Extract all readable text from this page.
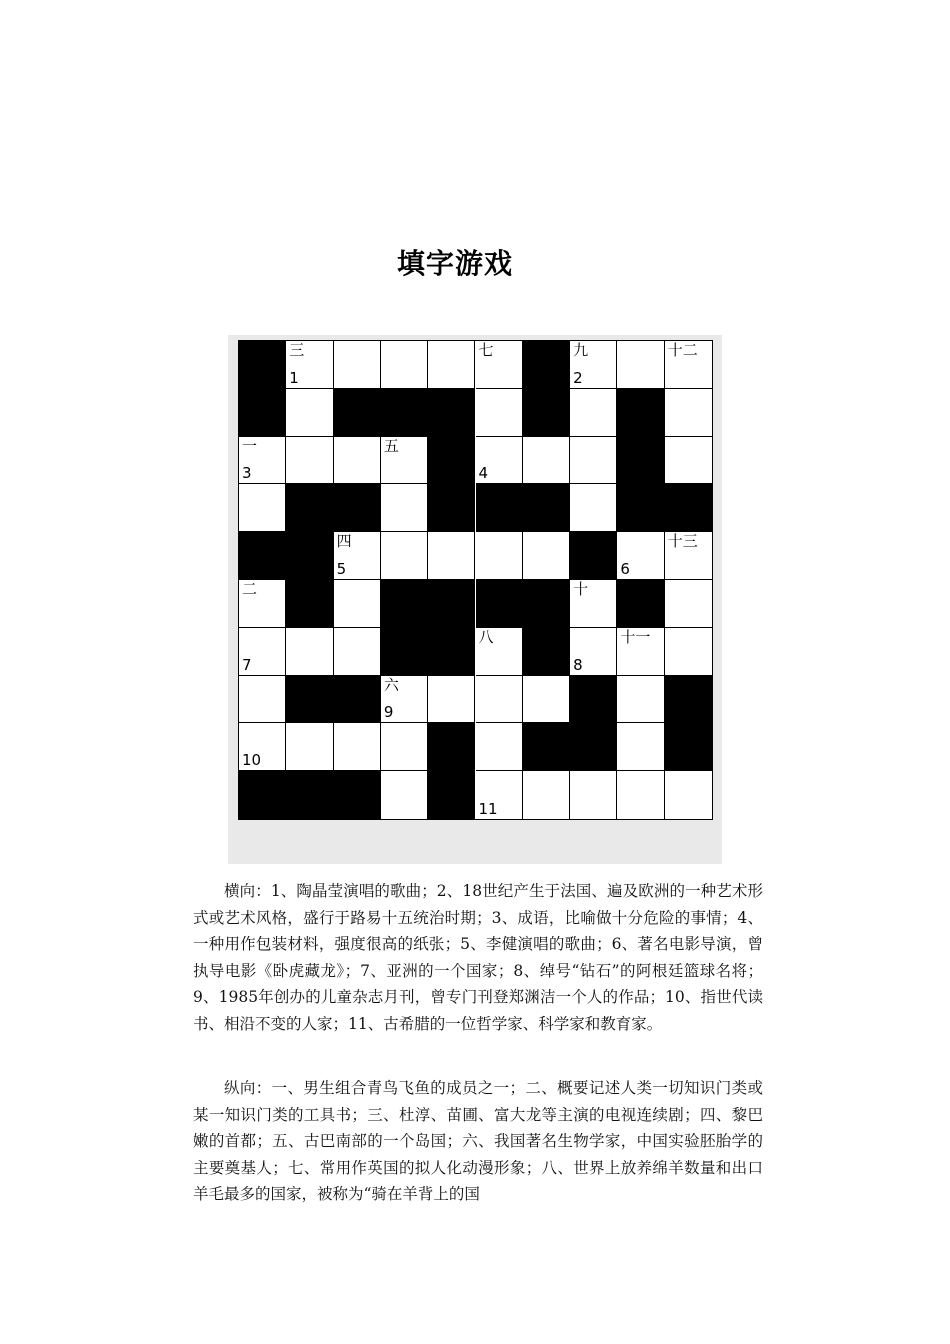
填字游戏
三
1
七	九
2
十二
一
3
五
4
四
5	6
十三
二	十
7
八
8
十一
六
9
10
11

横向：1、陶晶莹演唱的歌曲；2、18世纪产生于法国、遍及欧洲的一种艺术形式或艺术风格，盛行于路易十五统治时期；3、成语，比喻做十分危险的事情；4、一种用作包装材料，强度很高的纸张；5、李健演唱的歌曲；6、著名电影导演，曾执导电影《卧虎藏龙》；7、亚洲的一个国家；8、绰号“钻石”的阿根廷篮球名将；9、1985年创办的儿童杂志月刊，曾专门刊登郑渊洁一个人的作品；10、指世代读书、相沿不变的人家；11、古希腊的一位哲学家、科学家和教育家。

纵向：一、男生组合青鸟飞鱼的成员之一；二、概要记述人类一切知识门类或某一知识门类的工具书；三、杜淳、苗圃、富大龙等主演的电视连续剧；四、黎巴嫩的首都；五、古巴南部的一个岛国；六、我国著名生物学家，中国实验胚胎学的主要奠基人；七、常用作英国的拟人化动漫形象；八、世界上放养绵羊数量和出口羊毛最多的国家，被称为“骑在羊背上的国
